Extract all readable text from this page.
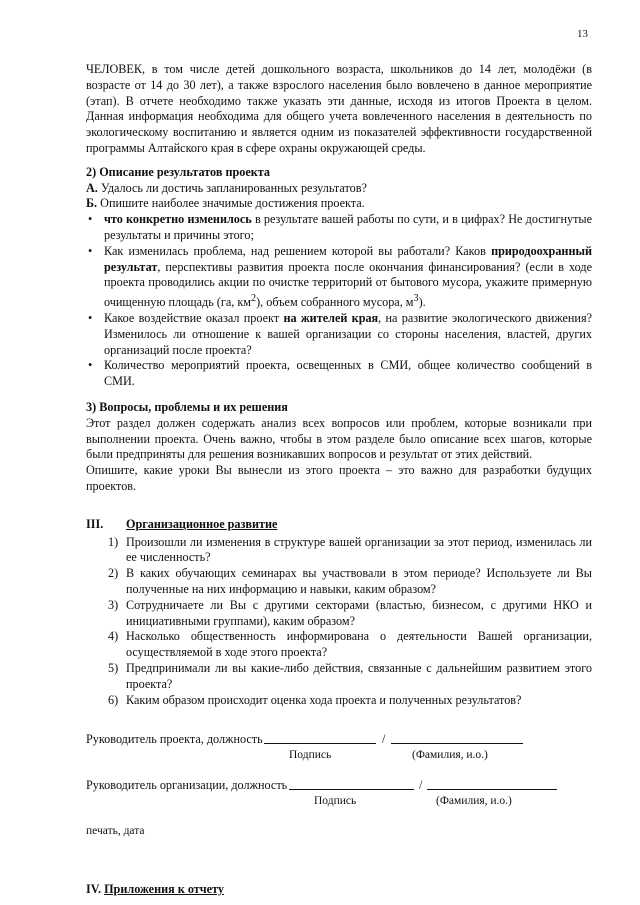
13

ЧЕЛОВЕК, в том числе детей дошкольного возраста, школьников до 14 лет, молодёжи (в возрасте от 14 до 30 лет), а также взрослого населения было вовлечено в данное мероприятие (этап). В отчете необходимо также указать эти данные, исходя из итогов Проекта в целом. Данная информация необходима для общего учета вовлеченного населения в деятельность по экологическому воспитанию и является одним из показателей эффективности государственной программы Алтайского края в сфере охраны окружающей среды.

2) Описание результатов проекта

А. Удалось ли достичь запланированных результатов?

Б. Опишите наиболее значимые достижения проекта.

• что конкретно изменилось в результате вашей работы по сути, и в цифрах? Не достигнутые результаты и причины этого;
• Как изменилась проблема, над решением которой вы работали? Каков природоохранный результат, перспективы развития проекта после окончания финансирования? (если в ходе проекта проводились акции по очистке территорий от бытового мусора, укажите примерную очищенную площадь (га, $км^2$), объем собранного мусора, $м^3$).
• Какое воздействие оказал проект на жителей края, на развитие экологического движения? Изменилось ли отношение к вашей организации со стороны населения, властей, других организаций после проекта?
• Количество мероприятий проекта, освещенных в СМИ, общее количество сообщений в СМИ.

3) Вопросы, проблемы и их решения

Этот раздел должен содержать анализ всех вопросов или проблем, которые возникали при выполнении проекта. Очень важно, чтобы в этом разделе было описание всех шагов, которые были предприняты для решения возникавших вопросов и результат от этих действий.

Опишите, какие уроки Вы вынесли из этого проекта – это важно для разработки будущих проектов.

III.	Организационное развитие
1) Произошли ли изменения в структуре вашей организации за этот период, изменилась ли ее численность?
2) В каких обучающих семинарах вы участвовали в этом периоде? Используете ли Вы полученные на них информацию и навыки, каким образом?
3) Сотрудничаете ли Вы с другими секторами (властью, бизнесом, с другими НКО и инициативными группами), каким образом?
4) Насколько общественность информирована о деятельности Вашей организации, осуществляемой в ходе этого проекта?
5) Предпринимали ли вы какие-либо действия, связанные с дальнейшим развитием этого проекта?
6) Каким образом происходит оценка хода проекта и полученных результатов?
Руководитель проекта, должность	/
Подпись	(Фамилия, и.о.)
Руководитель организации, должность	/
Подпись	(Фамилия, и.о.)

печать, дата

IV. Приложения к отчету
